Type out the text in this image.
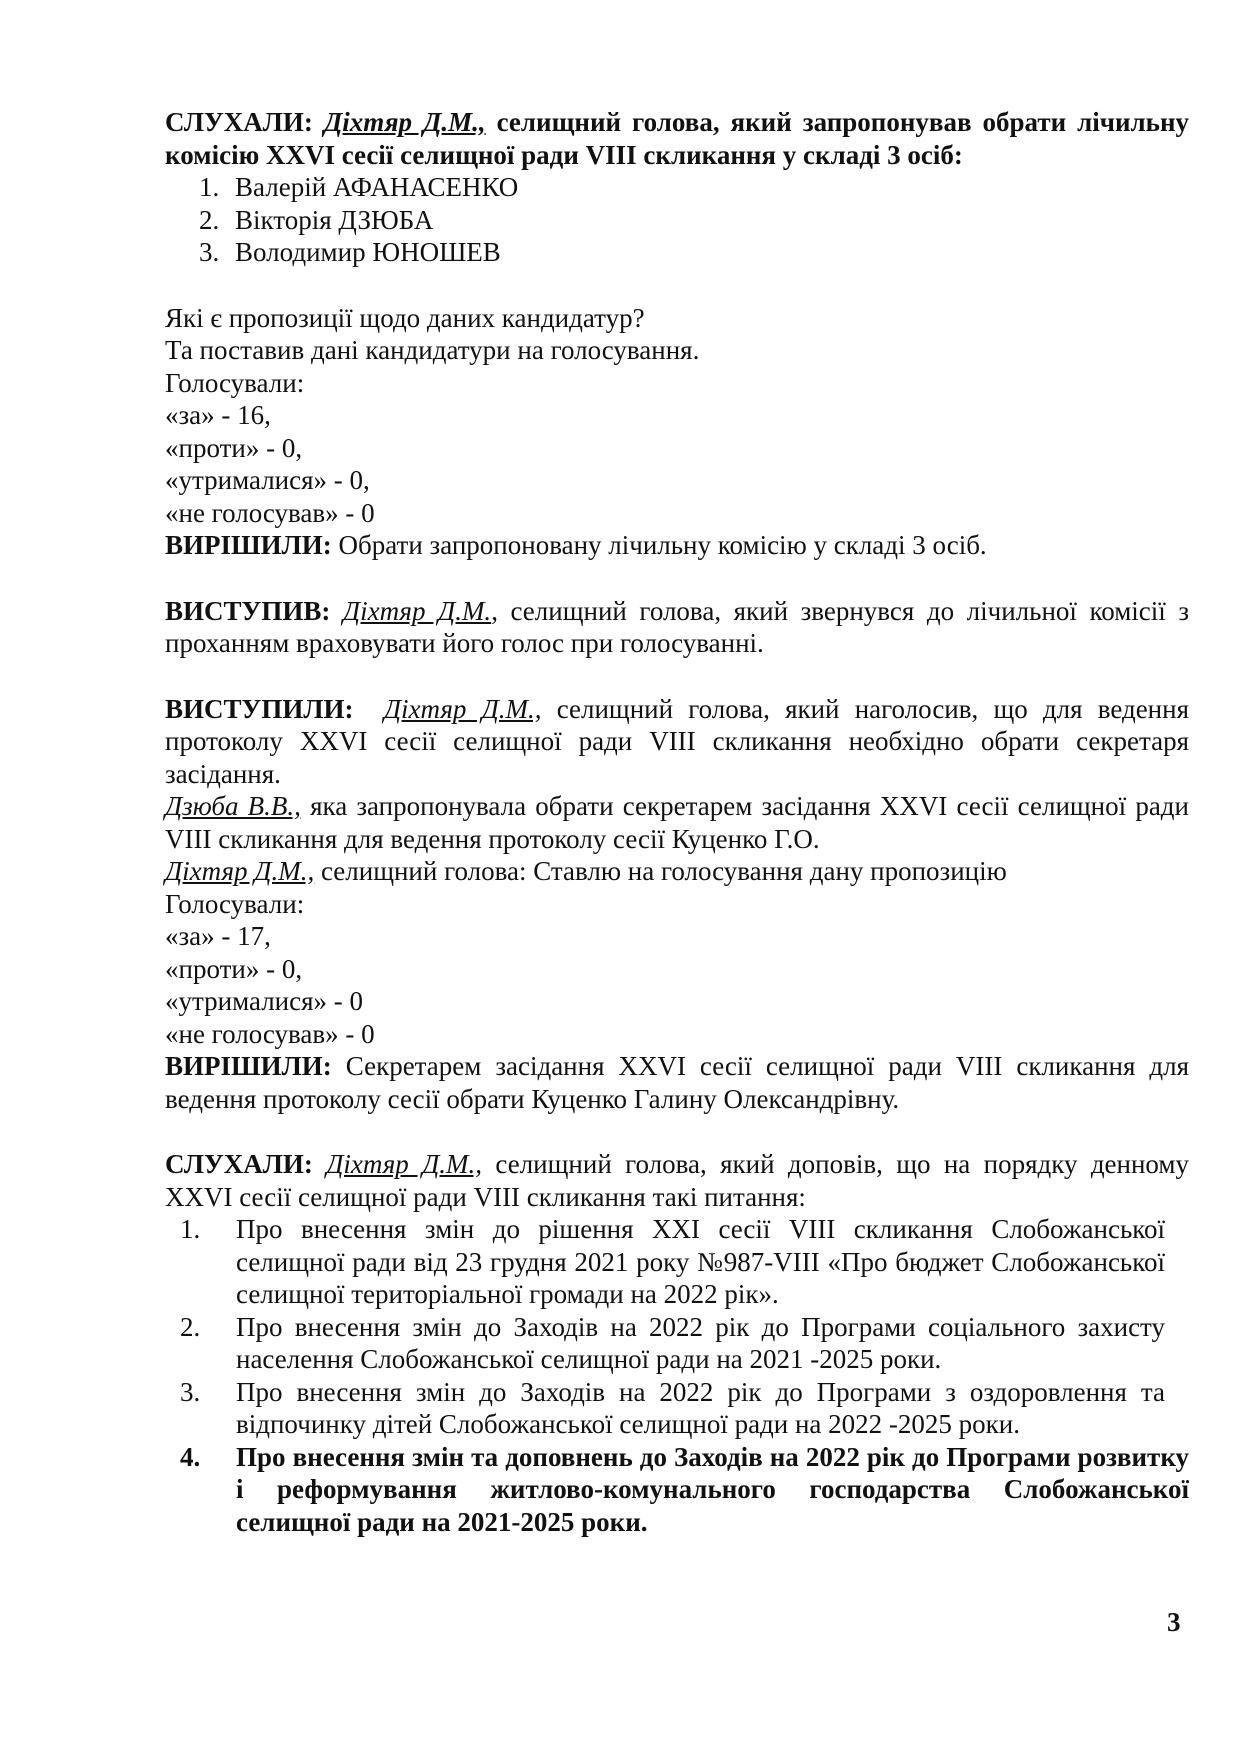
СЛУХАЛИ: Діхтяр Д.М., селищний голова, який запропонував обрати лічильну комісію XXVI сесії селищної ради VIII скликання у складі 3 осіб:

1. Валерій АФАНАСЕНКО
2. Вікторія ДЗЮБА
3. Володимир ЮНОШЕВ

Які є пропозиції щодо даних кандидатур?

Та поставив дані кандидатури на голосування.

Голосували:

«за» - 16,

«проти» - 0,

«утрималися» - 0,

«не голосував» - 0

ВИРІШИЛИ: Обрати запропоновану лічильну комісію у складі 3 осіб.

ВИСТУПИВ: Діхтяр Д.М., селищний голова, який звернувся до лічильної комісії з проханням враховувати його голос при голосуванні.

ВИСТУПИЛИ: Діхтяр Д.М., селищний голова, який наголосив, що для ведення протоколу XXVI сесії селищної ради VIII скликання необхідно обрати секретаря засідання.

Дзюба В.В., яка запропонувала обрати секретарем засідання XXVI сесії селищної ради VIII скликання для ведення протоколу сесії Куценко Г.О.

Діхтяр Д.М., селищний голова: Ставлю на голосування дану пропозицію

Голосували:

«за» - 17,

«проти» - 0,

«утрималися» - 0

«не голосував» - 0

ВИРІШИЛИ: Секретарем засідання XXVI сесії селищної ради VIII скликання для ведення протоколу сесії обрати Куценко Галину Олександрівну.

СЛУХАЛИ: Діхтяр Д.М., селищний голова, який доповів, що на порядку денному XXVI сесії селищної ради VIII скликання такі питання:

1.	Про внесення змін до рішення XXI сесії VIII скликання Слобожанської селищної ради від 23 грудня 2021 року №987-VIII «Про бюджет Слобожанської селищної територіальної громади на 2022 рік».
2.	Про внесення змін до Заходів на 2022 рік до Програми соціального захисту населення Слобожанської селищної ради на 2021 -2025 роки.
3.	Про внесення змін до Заходів на 2022 рік до Програми з оздоровлення та відпочинку дітей Слобожанської селищної ради на 2022 -2025 роки.
4.	Про внесення змін та доповнень до Заходів на 2022 рік до Програми розвитку і реформування житлово-комунального господарства Слобожанської селищної ради на 2021-2025 роки.
3
